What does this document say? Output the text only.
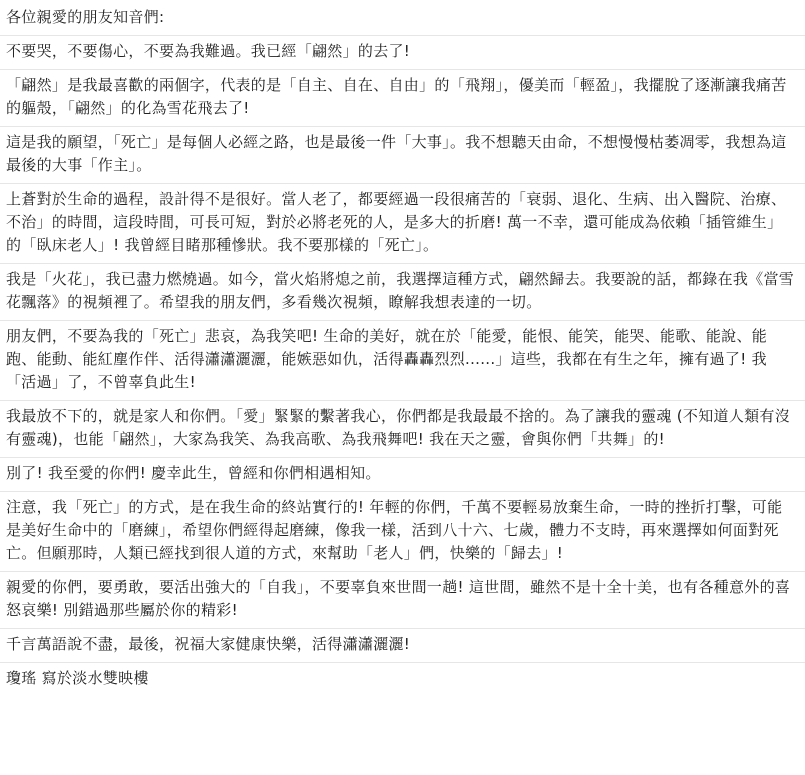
各位親愛的朋友知音們:

不要哭，不要傷心，不要為我難過。我已經「翩然」的去了!

「翩然」是我最喜歡的兩個字，代表的是「自主、自在、自由」的「飛翔」，優美而「輕盈」，我擺脫了逐漸讓我痛苦的軀殼，「翩然」的化為雪花飛去了!

這是我的願望，「死亡」是每個人必經之路，也是最後一件「大事」。我不想聽天由命，不想慢慢枯萎凋零，我想為這最後的大事「作主」。

上蒼對於生命的過程，設計得不是很好。當人老了，都要經過一段很痛苦的「衰弱、退化、生病、出入醫院、治療、不治」的時間，這段時間，可長可短，對於必將老死的人，是多大的折磨! 萬一不幸，還可能成為依賴「插管維生」的「臥床老人」! 我曾經目睹那種慘狀。我不要那樣的「死亡」。

我是「火花」，我已盡力燃燒過。如今，當火焰將熄之前，我選擇這種方式，翩然歸去。我要說的話，都錄在我《當雪花飄落》的視頻裡了。希望我的朋友們，多看幾次視頻，瞭解我想表達的一切。

朋友們，不要為我的「死亡」悲哀，為我笑吧! 生命的美好，就在於「能愛，能恨、能笑，能哭、能歌、能說、能跑、能動、能紅塵作伴、活得瀟瀟灑灑，能嫉惡如仇，活得轟轟烈烈......」這些，我都在有生之年，擁有過了! 我「活過」了，不曾辜負此生!

我最放不下的，就是家人和你們。「愛」緊緊的繫著我心，你們都是我最最不捨的。為了讓我的靈魂 (不知道人類有沒有靈魂)，也能「翩然」，大家為我笑、為我高歌、為我飛舞吧! 我在天之靈，會與你們「共舞」的!

別了! 我至愛的你們! 慶幸此生，曾經和你們相遇相知。

注意，我「死亡」的方式，是在我生命的終站實行的! 年輕的你們，千萬不要輕易放棄生命，一時的挫折打擊，可能是美好生命中的「磨練」，希望你們經得起磨練，像我一樣，活到八十六、七歲，體力不支時，再來選擇如何面對死亡。但願那時，人類已經找到很人道的方式，來幫助「老人」們，快樂的「歸去」!

親愛的你們，要勇敢，要活出強大的「自我」，不要辜負來世間一趟! 這世間，雖然不是十全十美，也有各種意外的喜怒哀樂! 別錯過那些屬於你的精彩!

千言萬語說不盡，最後，祝福大家健康快樂，活得瀟瀟灑灑!

瓊瑤 寫於淡水雙映樓
